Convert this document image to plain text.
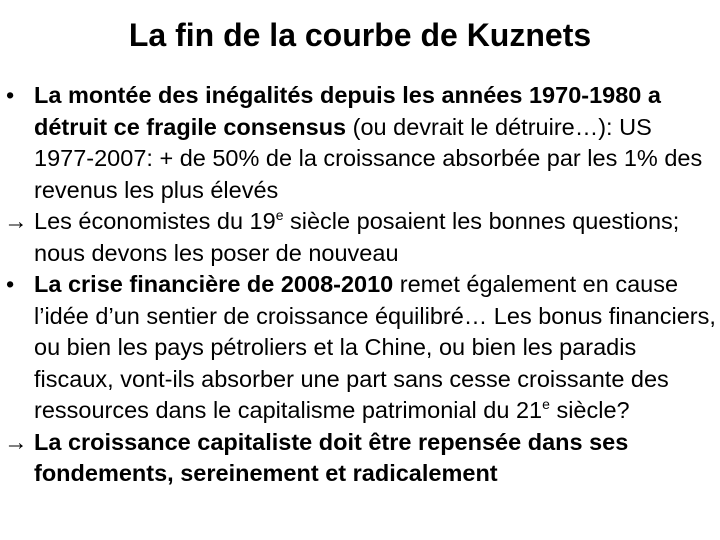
La fin de la courbe de Kuznets

• La montée des inégalités depuis les années 1970-1980 a détruit ce fragile consensus (ou devrait le détruire…): US 1977-2007: + de 50% de la croissance absorbée par les 1% des revenus les plus élevés

→ Les économistes du 19e siècle posaient les bonnes questions; nous devons les poser de nouveau

• La crise financière de 2008-2010 remet également en cause l’idée d’un sentier de croissance équilibré… Les bonus financiers, ou bien les pays pétroliers et la Chine, ou bien les paradis fiscaux, vont-ils absorber une part sans cesse croissante des ressources dans le capitalisme patrimonial du 21e siècle?

→ La croissance capitaliste doit être repensée dans ses fondements, sereinement et radicalement
